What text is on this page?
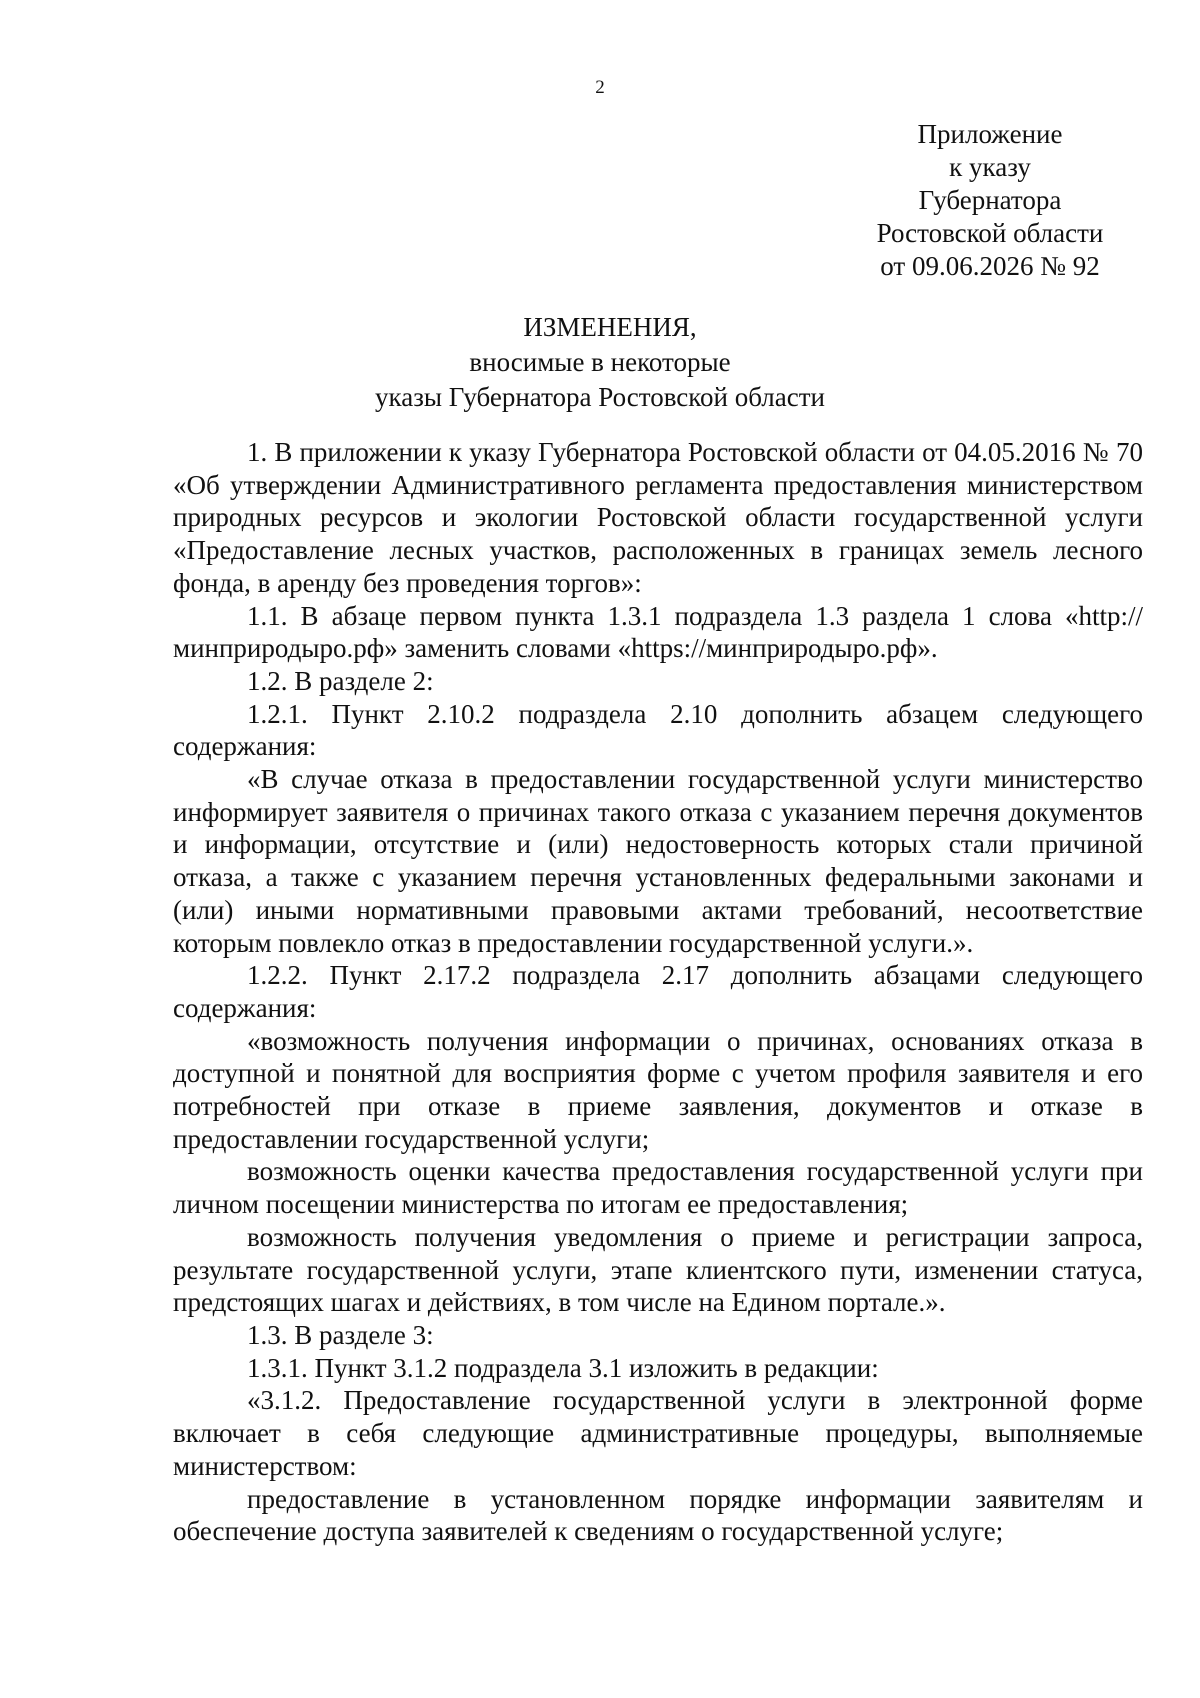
2
Приложение
к указу
Губернатора
Ростовской области
от 09.06.2026 № 92
ИЗМЕНЕНИЯ,
вносимые в некоторые
указы Губернатора Ростовской области

1. В приложении к указу Губернатора Ростовской области от 04.05.2016 № 70 «Об утверждении Административного регламента предоставления министерством природных ресурсов и экологии Ростовской области государственной услуги «Предоставление лесных участков, расположенных в границах земель лесного фонда, в аренду без проведения торгов»:

1.1. В абзаце первом пункта 1.3.1 подраздела 1.3 раздела 1 слова «http://минприродыро.рф» заменить словами «https://минприродыро.рф».

1.2. В разделе 2:

1.2.1. Пункт 2.10.2 подраздела 2.10 дополнить абзацем следующего содержания:

«В случае отказа в предоставлении государственной услуги министерство информирует заявителя о причинах такого отказа с указанием перечня документов и информации, отсутствие и (или) недостоверность которых стали причиной отказа, а также с указанием перечня установленных федеральными законами и (или) иными нормативными правовыми актами требований, несоответствие которым повлекло отказ в предоставлении государственной услуги.».

1.2.2. Пункт 2.17.2 подраздела 2.17 дополнить абзацами следующего содержания:

«возможность получения информации о причинах, основаниях отказа в доступной и понятной для восприятия форме с учетом профиля заявителя и его потребностей при отказе в приеме заявления, документов и отказе в предоставлении государственной услуги;

возможность оценки качества предоставления государственной услуги при личном посещении министерства по итогам ее предоставления;

возможность получения уведомления о приеме и регистрации запроса, результате государственной услуги, этапе клиентского пути, изменении статуса, предстоящих шагах и действиях, в том числе на Едином портале.».

1.3. В разделе 3:

1.3.1. Пункт 3.1.2 подраздела 3.1 изложить в редакции:

«3.1.2. Предоставление государственной услуги в электронной форме включает в себя следующие административные процедуры, выполняемые министерством:

предоставление в установленном порядке информации заявителям и обеспечение доступа заявителей к сведениям о государственной услуге;
